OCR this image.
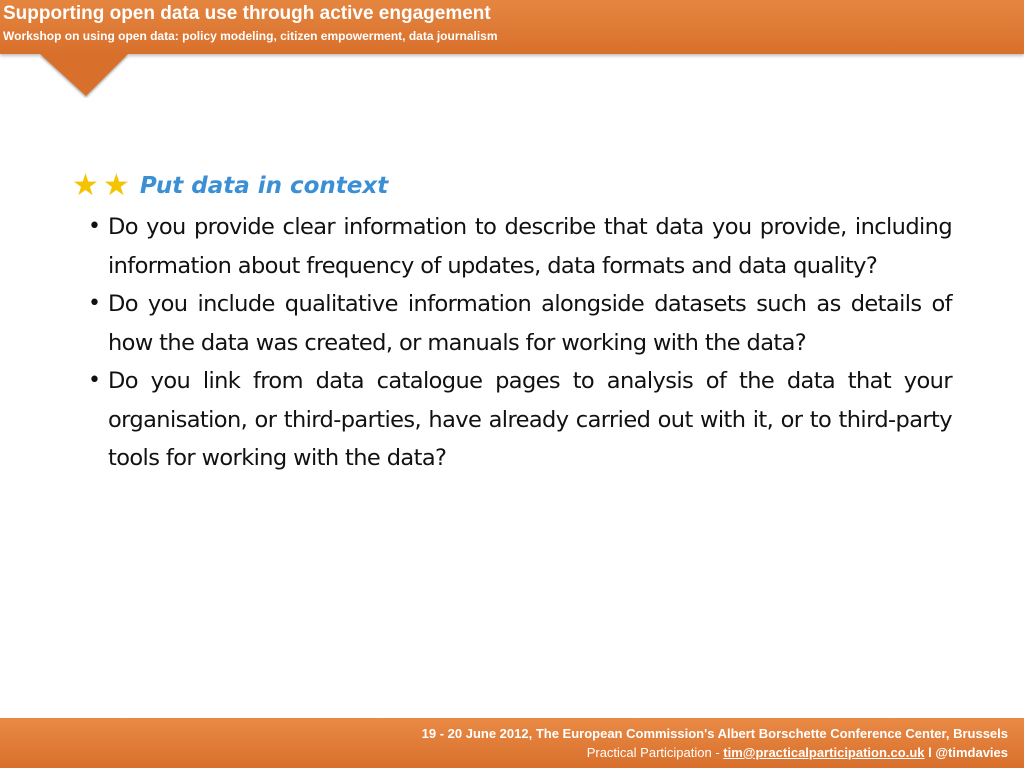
Supporting open data use through active engagement
Workshop on using open data: policy modeling, citizen empowerment, data journalism
★ ★ Put data in context
• Do you provide clear information to describe that data you provide, including information about frequency of updates, data formats and data quality?
• Do you include qualitative information alongside datasets such as details of how the data was created, or manuals for working with the data?
• Do you link from data catalogue pages to analysis of the data that your organisation, or third-parties, have already carried out with it, or to third-party tools for working with the data?
19 - 20 June 2012, The European Commission's Albert Borschette Conference Center, Brussels
Practical Participation - tim@practicalparticipation.co.uk l @timdavies
